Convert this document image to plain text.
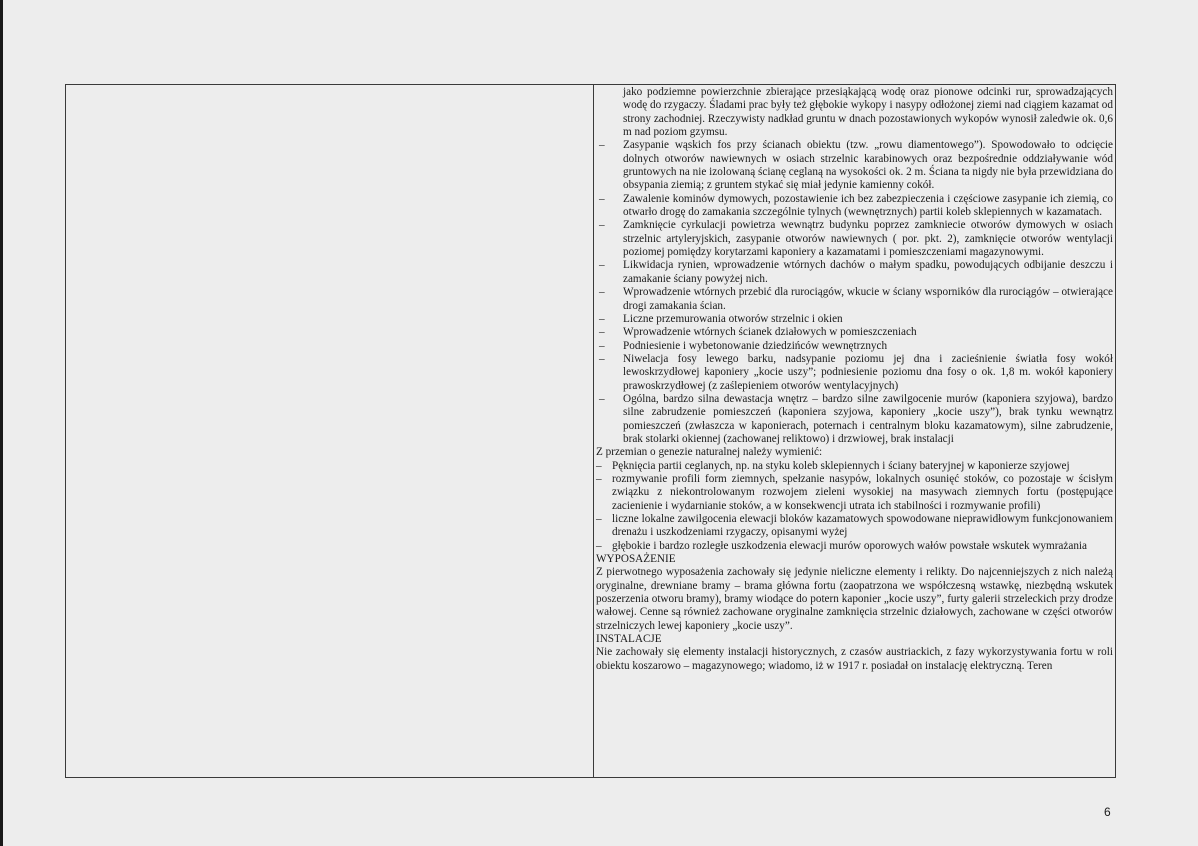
jako podziemne powierzchnie zbierające przesiąkającą wodę oraz pionowe odcinki rur, sprowadzających wodę do rzygaczy. Śladami prac były też głębokie wykopy i nasypy odłożonej ziemi nad ciągiem kazamat od strony zachodniej. Rzeczywisty nadkład gruntu w dnach pozostawionych wykopów wynosił zaledwie ok. 0,6 m nad poziom gzymsu.

–	Zasypanie wąskich fos przy ścianach obiektu (tzw. „rowu diamentowego”). Spowodowało to odcięcie dolnych otworów nawiewnych w osiach strzelnic karabinowych oraz bezpośrednie oddziaływanie wód gruntowych na nie izolowaną ścianę ceglaną na wysokości ok. 2 m. Ściana ta nigdy nie była przewidziana do obsypania ziemią; z gruntem stykać się miał jedynie kamienny cokół.
–	Zawalenie kominów dymowych, pozostawienie ich bez zabezpieczenia i częściowe zasypanie ich ziemią, co otwarło drogę do zamakania szczególnie tylnych (wewnętrznych) partii koleb sklepiennych w kazamatach.
–	Zamknięcie cyrkulacji powietrza wewnątrz budynku poprzez zamkniecie otworów dymowych w osiach strzelnic artyleryjskich, zasypanie otworów nawiewnych ( por. pkt. 2), zamknięcie otworów wentylacji poziomej pomiędzy korytarzami kaponiery a kazamatami i pomieszczeniami magazynowymi.
–	Likwidacja rynien, wprowadzenie wtórnych dachów o małym spadku, powodujących odbijanie deszczu i zamakanie ściany powyżej nich.
–	Wprowadzenie wtórnych przebić dla rurociągów, wkucie w ściany wsporników dla rurociągów – otwierające drogi zamakania ścian.
–	Liczne przemurowania otworów strzelnic i okien
–	Wprowadzenie wtórnych ścianek działowych w pomieszczeniach
–	Podniesienie i wybetonowanie dziedzińców wewnętrznych
–	Niwelacja fosy lewego barku, nadsypanie poziomu jej dna i zacieśnienie światła fosy wokół lewoskrzydłowej kaponiery „kocie uszy”; podniesienie poziomu dna fosy o ok. 1,8 m. wokół kaponiery prawoskrzydłowej (z zaślepieniem otworów wentylacyjnych)
–	Ogólna, bardzo silna dewastacja wnętrz – bardzo silne zawilgocenie murów (kaponiera szyjowa), bardzo silne zabrudzenie pomieszczeń (kaponiera szyjowa, kaponiery „kocie uszy”), brak tynku wewnątrz pomieszczeń (zwłaszcza w kaponierach, poternach i centralnym bloku kazamatowym), silne zabrudzenie, brak stolarki okiennej (zachowanej reliktowo) i drzwiowej, brak instalacji

Z przemian o genezie naturalnej należy wymienić:

– Pęknięcia partii ceglanych, np. na styku koleb sklepiennych i ściany bateryjnej w kaponierze szyjowej
– rozmywanie profili form ziemnych, spełzanie nasypów, lokalnych osunięć stoków, co pozostaje w ścisłym związku z niekontrolowanym rozwojem zieleni wysokiej na masywach ziemnych fortu (postępujące zacienienie i wydarnianie stoków, a w konsekwencji utrata ich stabilności i rozmywanie profili)
– liczne lokalne zawilgocenia elewacji bloków kazamatowych spowodowane nieprawidłowym funkcjonowaniem drenażu i uszkodzeniami rzygaczy, opisanymi wyżej
– głębokie i bardzo rozległe uszkodzenia elewacji murów oporowych wałów powstałe wskutek wymrażania

WYPOSAŻENIE

Z pierwotnego wyposażenia zachowały się jedynie nieliczne elementy i relikty. Do najcenniejszych z nich należą oryginalne, drewniane bramy – brama główna fortu (zaopatrzona we współczesną wstawkę, niezbędną wskutek poszerzenia otworu bramy), bramy wiodące do potern kaponier „kocie uszy”, furty galerii strzeleckich przy drodze wałowej. Cenne są również zachowane oryginalne zamknięcia strzelnic działowych, zachowane w części otworów strzelniczych lewej kaponiery „kocie uszy”.

INSTALACJE

Nie zachowały się elementy instalacji historycznych, z czasów austriackich, z fazy wykorzystywania fortu w roli obiektu koszarowo – magazynowego; wiadomo, iż w 1917 r. posiadał on instalację elektryczną. Teren

6
